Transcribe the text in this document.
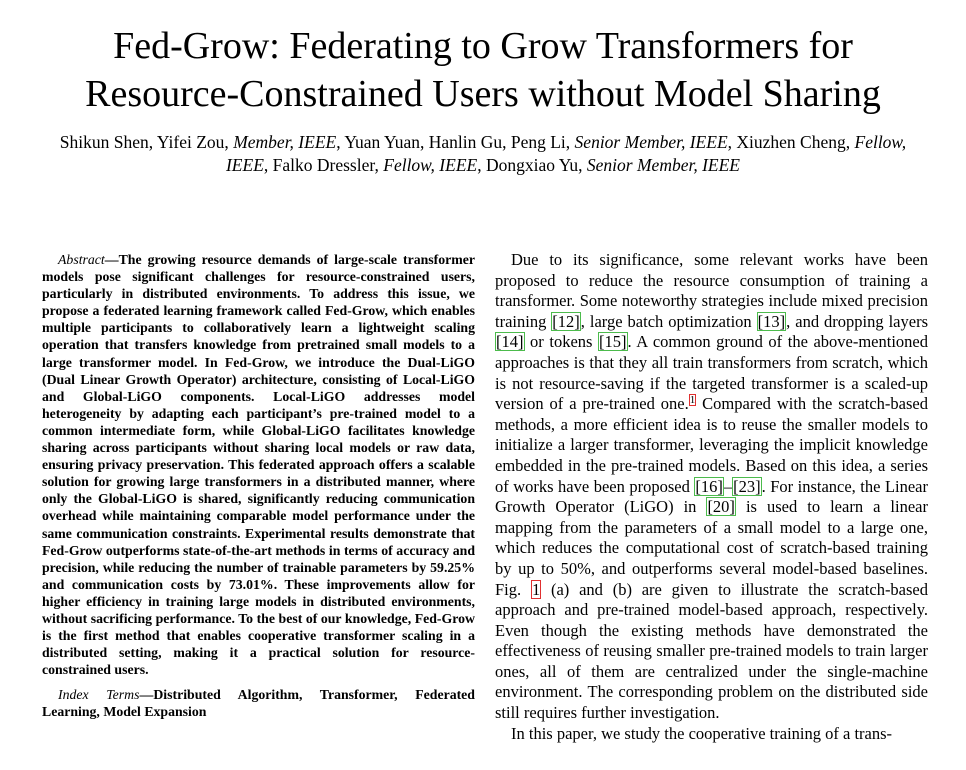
Fed-Grow: Federating to Grow Transformers for
Resource-Constrained Users without Model Sharing
Shikun Shen, Yifei Zou, Member, IEEE, Yuan Yuan, Hanlin Gu, Peng Li, Senior Member, IEEE, Xiuzhen Cheng, Fellow, IEEE, Falko Dressler, Fellow, IEEE, Dongxiao Yu, Senior Member, IEEE

Abstract—The growing resource demands of large-scale transformer models pose significant challenges for resource-constrained users, particularly in distributed environments. To address this issue, we propose a federated learning framework called Fed-Grow, which enables multiple participants to collaboratively learn a lightweight scaling operation that transfers knowledge from pretrained small models to a large transformer model. In Fed-Grow, we introduce the Dual-LiGO (Dual Linear Growth Operator) architecture, consisting of Local-LiGO and Global-LiGO components. Local-LiGO addresses model heterogeneity by adapting each participant’s pre-trained model to a common intermediate form, while Global-LiGO facilitates knowledge sharing across participants without sharing local models or raw data, ensuring privacy preservation. This federated approach offers a scalable solution for growing large transformers in a distributed manner, where only the Global-LiGO is shared, significantly reducing communication overhead while maintaining comparable model performance under the same communication constraints. Experimental results demonstrate that Fed-Grow outperforms state-of-the-art methods in terms of accuracy and precision, while reducing the number of trainable parameters by 59.25% and communication costs by 73.01%. These improvements allow for higher efficiency in training large models in distributed environments, without sacrificing performance. To the best of our knowledge, Fed-Grow is the first method that enables cooperative transformer scaling in a distributed setting, making it a practical solution for resource-constrained users.

Index Terms—Distributed Algorithm, Transformer, Federated Learning, Model Expansion

Due to its significance, some relevant works have been proposed to reduce the resource consumption of training a transformer. Some noteworthy strategies include mixed precision training [12], large batch optimization [13], and dropping layers [14] or tokens [15]. A common ground of the above-mentioned approaches is that they all train transformers from scratch, which is not resource-saving if the targeted transformer is a scaled-up version of a pre-trained one.$^1$ Compared with the scratch-based methods, a more efficient idea is to reuse the smaller models to initialize a larger transformer, leveraging the implicit knowledge embedded in the pre-trained models. Based on this idea, a series of works have been proposed [16]–[23]. For instance, the Linear Growth Operator (LiGO) in [20] is used to learn a linear mapping from the parameters of a small model to a large one, which reduces the computational cost of scratch-based training by up to 50%, and outperforms several model-based baselines. Fig. 1 (a) and (b) are given to illustrate the scratch-based approach and pre-trained model-based approach, respectively. Even though the existing methods have demonstrated the effectiveness of reusing smaller pre-trained models to train larger ones, all of them are centralized under the single-machine environment. The corresponding problem on the distributed side still requires further investigation.

In this paper, we study the cooperative training of a trans-
